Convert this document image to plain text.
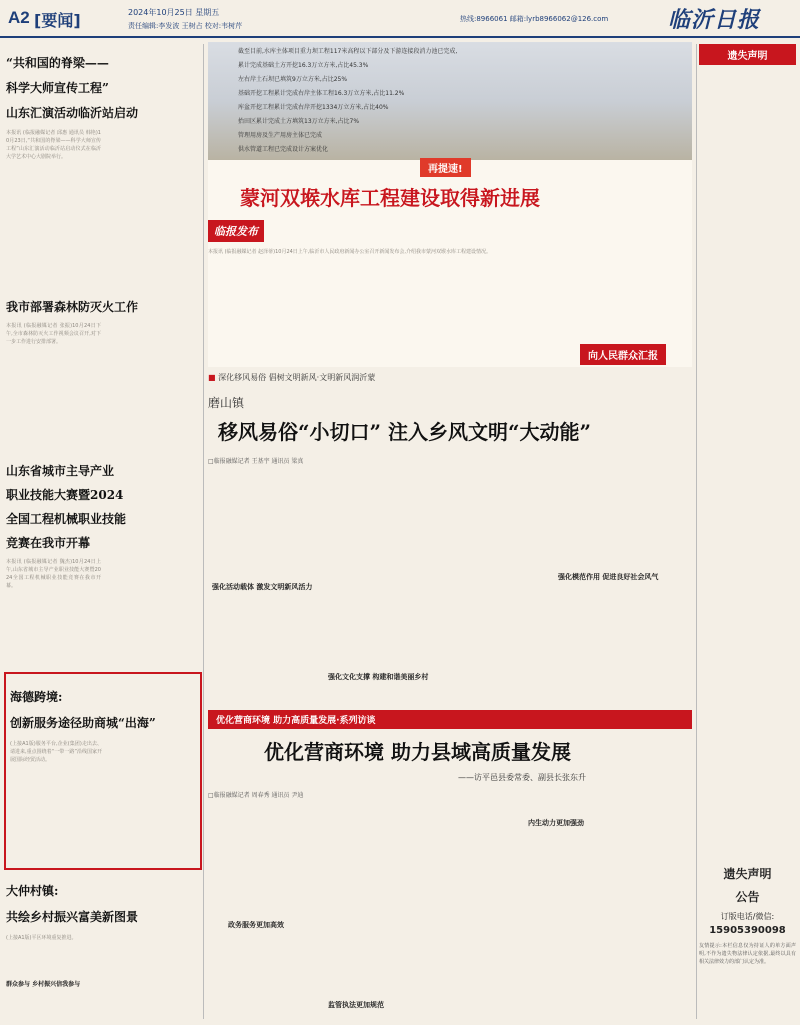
A2 [要闻]	2024年10月25日 星期五
责任编辑:李发波 王树占 校对:韦树芹
热线:8966061 邮箱:lyrb8966062@126.com	临沂日报
“共和国的脊梁——
科学大师宣传工程”
山东汇演活动临沂站启动
本报讯 (临报融媒记者 邱惠 通讯员 韩艳)10月23日,“共和国的脊梁——科学大师宣传工程”山东汇演活动临沂站启动仪式在临沂大学艺术中心大剧院举行。
我市部署森林防灭火工作
本报讯 (临报融媒记者 张振)10月24日下午,全市森林防灭火工作视频会议召开,对下一步工作进行安排部署。
山东省城市主导产业
职业技能大赛暨2024
全国工程机械职业技能
竞赛在我市开幕
本报讯 (临报融媒记者 魏杰)10月24日上午,山东省城市主导产业职业技能大赛暨2024全国工程机械职业技能竞赛在我市开幕。
海德跨境:
创新服务途径助商城“出海”
(上接A1版)服务平台,企业(集团)走出去、请进来,重点围绕着“一带一路”沿线国家开展国际经贸活动。
大仲村镇:
共绘乡村振兴富美新图景
(上接A1版)平区环境重复推进。
群众参与 乡村振兴信我参与
截至目前,水库主体项目重力坝工程117米高程以下部分及下游连接段消力池已完成,
累计完成基础土方开挖16.3万立方米,占比45.3%
左右岸土石坝已填筑9万立方米,占比25%
基础开挖工程累计完成右岸主体工程16.3万立方米,占比11.2%
库盆开挖工程累计完成右岸开挖1334万立方米,占比40%
抬田区累计完成土方填筑13万立方米,占比7%
管理用房及生产用房主体已完成
供水管道工程已完成设计方案优化
再提速!
蒙河双堠水库工程建设取得新进展
临报发布
本报讯 (临报融媒记者 赵泽蒂)10月24日上午,临沂市人民政府新闻办公室召开新闻发布会,介绍我市蒙河双堠水库工程建设情况。
向人民群众汇报
■ 深化移风易俗 倡树文明新风·文明新风润沂蒙
磨山镇
移风易俗“小切口” 注入乡风文明“大动能”
□临报融媒记者 王基宇 通讯员 梁真
强化活动载体 激发文明新风活力
强化文化支撑 构建和谐美丽乡村
强化模范作用 促进良好社会风气
优化营商环境 助力高质量发展·系列访谈
优化营商环境 助力县域高质量发展
——访平邑县委常委、副县长张东升
□临报融媒记者 周春秀 通讯员 尹迪
政务服务更加高效
监管执法更加规范
内生动力更加强劲
遗失声明
遗失声明
公告
订版电话/微信:
15905390098
友情提示:本栏信息仅为持证人的单方面声明,不作为遗失物法律认定依据,最终以具有相关法律效力的部门认定为准。
